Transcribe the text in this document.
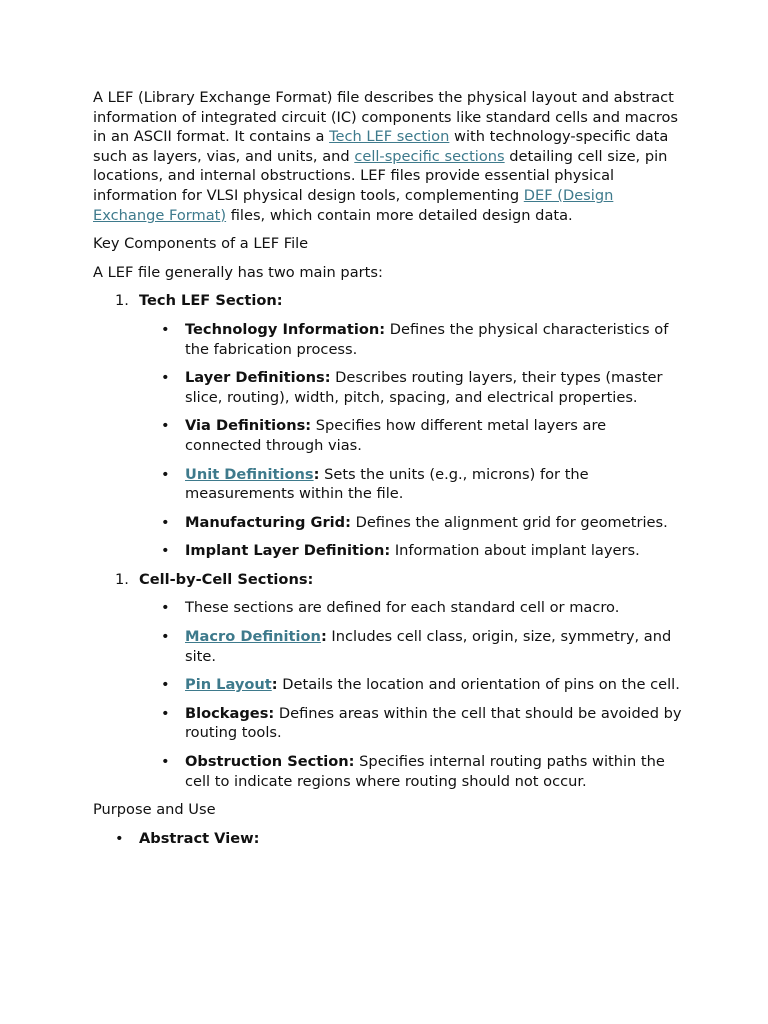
A LEF (Library Exchange Format) file describes the physical layout and abstract information of integrated circuit (IC) components like standard cells and macros in an ASCII format. It contains a Tech LEF section with technology-specific data such as layers, vias, and units, and cell-specific sections detailing cell size, pin locations, and internal obstructions. LEF files provide essential physical information for VLSI physical design tools, complementing DEF (Design Exchange Format) files, which contain more detailed design data.

Key Components of a LEF File

A LEF file generally has two main parts:

1. Tech LEF Section:
• Technology Information: Defines the physical characteristics of the fabrication process.
• Layer Definitions: Describes routing layers, their types (master slice, routing), width, pitch, spacing, and electrical properties.
• Via Definitions: Specifies how different metal layers are connected through vias.
• Unit Definitions: Sets the units (e.g., microns) for the measurements within the file.
• Manufacturing Grid: Defines the alignment grid for geometries.
• Implant Layer Definition: Information about implant layers.
1. Cell-by-Cell Sections:
• These sections are defined for each standard cell or macro.
• Macro Definition: Includes cell class, origin, size, symmetry, and site.
• Pin Layout: Details the location and orientation of pins on the cell.
• Blockages: Defines areas within the cell that should be avoided by routing tools.
• Obstruction Section: Specifies internal routing paths within the cell to indicate regions where routing should not occur.

Purpose and Use

• Abstract View:
